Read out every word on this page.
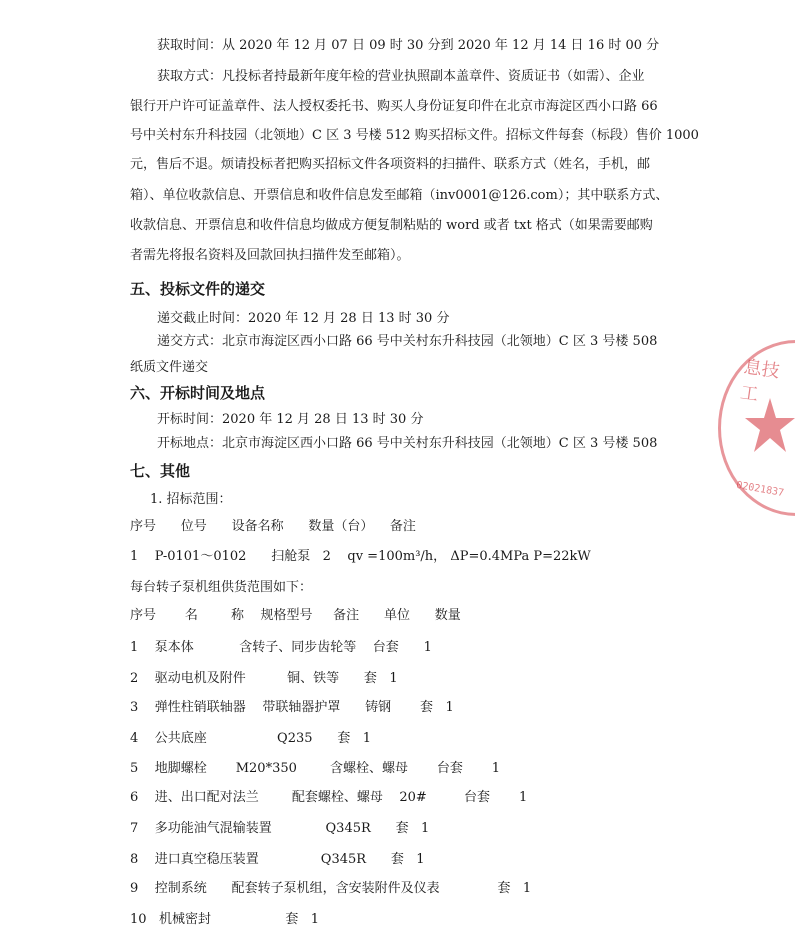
获取时间：从 2020 年 12 月 07 日 09 时 30 分到 2020 年 12 月 14 日 16 时 00 分
获取方式：凡投标者持最新年度年检的营业执照副本盖章件、资质证书（如需）、企业
银行开户许可证盖章件、法人授权委托书、购买人身份证复印件在北京市海淀区西小口路 66
号中关村东升科技园（北领地）C 区 3 号楼 512 购买招标文件。招标文件每套（标段）售价 1000
元，售后不退。烦请投标者把购买招标文件各项资料的扫描件、联系方式（姓名，手机，邮
箱）、单位收款信息、开票信息和收件信息发至邮箱（inv0001@126.com）；其中联系方式、
收款信息、开票信息和收件信息均做成方便复制粘贴的 word 或者 txt 格式（如果需要邮购
者需先将报名资料及回款回执扫描件发至邮箱）。
五、投标文件的递交
递交截止时间：2020 年 12 月 28 日 13 时 30 分
递交方式：北京市海淀区西小口路 66 号中关村东升科技园（北领地）C 区 3 号楼 508
纸质文件递交
六、开标时间及地点
开标时间：2020 年 12 月 28 日 13 时 30 分
开标地点：北京市海淀区西小口路 66 号中关村东升科技园（北领地）C 区 3 号楼 508
七、其他
1. 招标范围：
序号      位号      设备名称      数量（台）    备注
1    P-0101～0102      扫舱泵   2    qv =100m³/h， ΔP=0.4MPa P=22kW
每台转子泵机组供货范围如下：
序号       名        称    规格型号     备注      单位      数量
1    泵本体           含转子、同步齿轮等    台套      1
2    驱动电机及附件          铜、铁等      套   1
3    弹性柱销联轴器    带联轴器护罩      铸钢       套   1
4    公共底座                 Q235      套   1
5    地脚螺栓       M20*350        含螺栓、螺母       台套       1
6    进、出口配对法兰        配套螺栓、螺母    20#         台套       1
7    多功能油气混输装置             Q345R      套   1
8    进口真空稳压装置               Q345R      套   1
9    控制系统      配套转子泵机组，含安装附件及仪表              套   1
10   机械密封                  套   1
息技工
02021837
